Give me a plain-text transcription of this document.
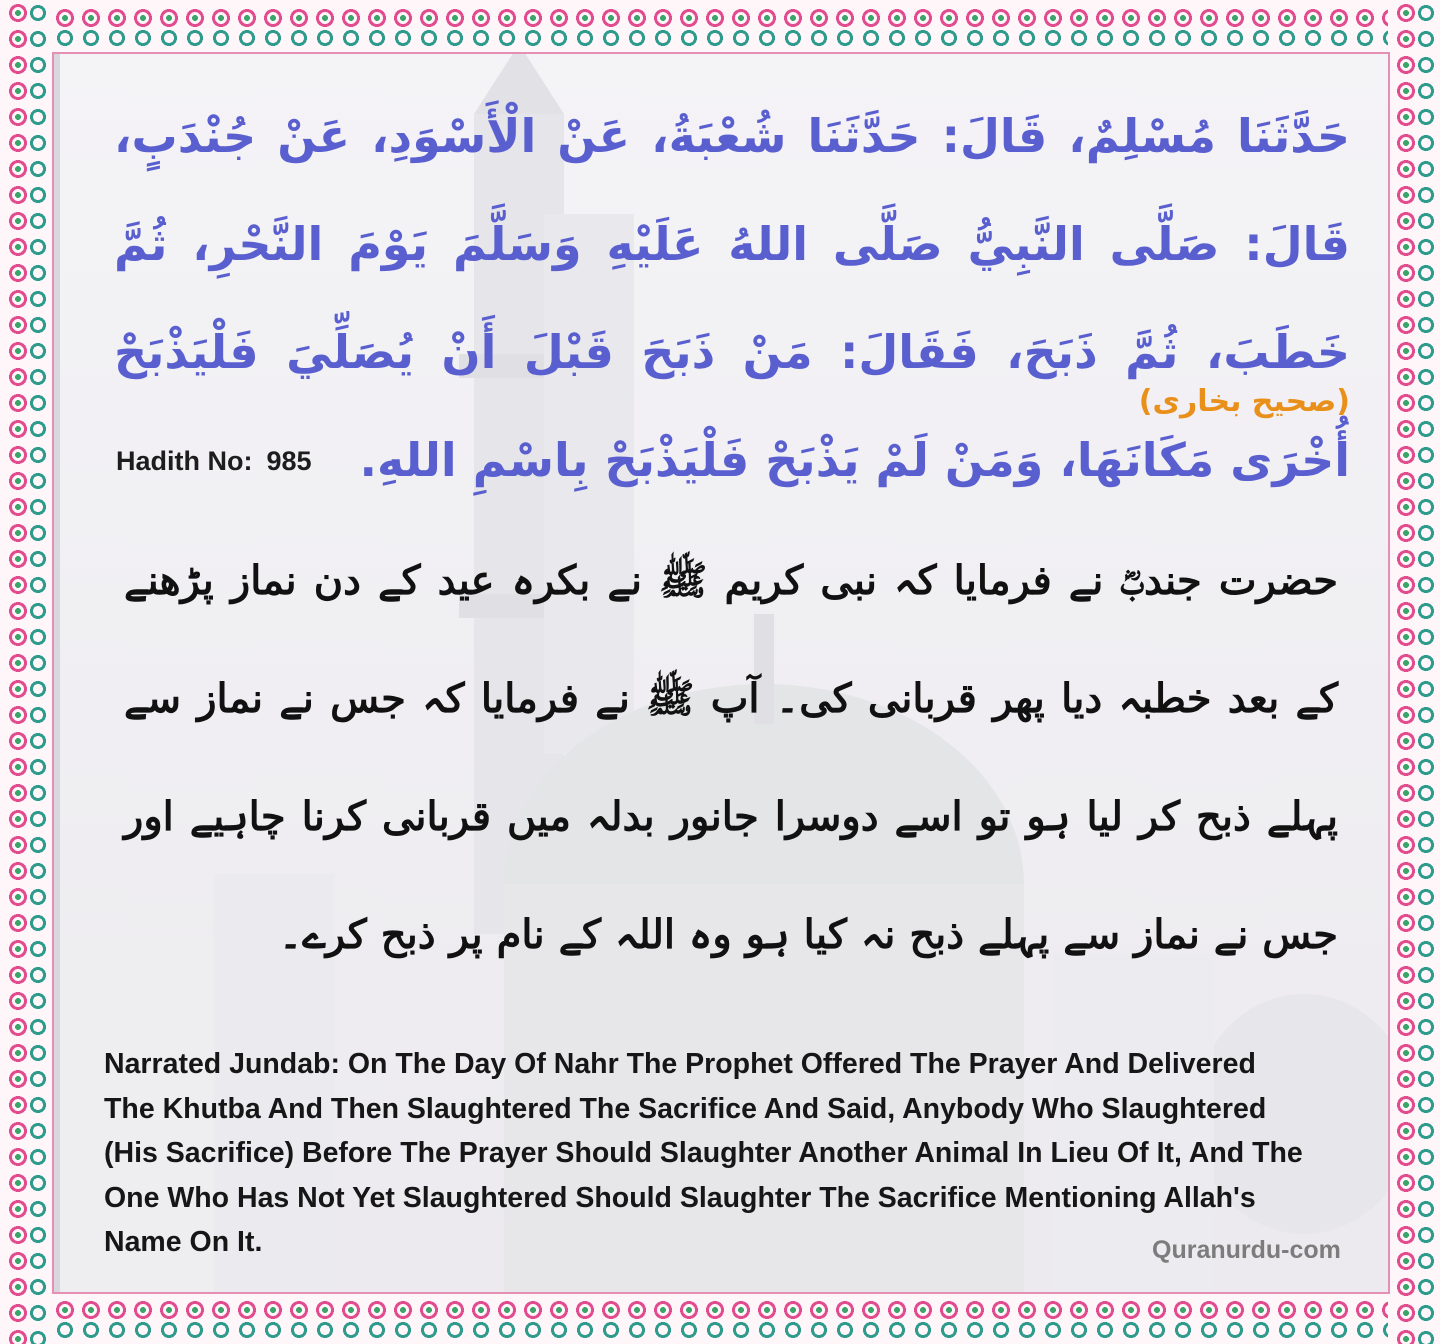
حَدَّثَنَا مُسْلِمٌ، قَالَ: حَدَّثَنَا شُعْبَةُ، عَنْ الْأَسْوَدِ، عَنْ جُنْدَبٍ، قَالَ: صَلَّى النَّبِيُّ صَلَّى اللهُ عَلَيْهِ وَسَلَّمَ يَوْمَ النَّحْرِ، ثُمَّ خَطَبَ، ثُمَّ ذَبَحَ، فَقَالَ: مَنْ ذَبَحَ قَبْلَ أَنْ يُصَلِّيَ فَلْيَذْبَحْ أُخْرَى مَكَانَهَا، وَمَنْ لَمْ يَذْبَحْ فَلْيَذْبَحْ بِاسْمِ اللهِ.
(صحیح بخاری)
Hadith No: 985
حضرت جندبؓ نے فرمایا کہ نبی کریم ﷺ نے بکرہ عید کے دن نماز پڑھنے کے بعد خطبہ دیا پھر قربانی کی۔ آپ ﷺ نے فرمایا کہ جس نے نماز سے پہلے ذبح کر لیا ہو تو اسے دوسرا جانور بدلہ میں قربانی کرنا چاہیے اور جس نے نماز سے پہلے ذبح نہ کیا ہو وہ اللہ کے نام پر ذبح کرے۔
Narrated Jundab: On The Day Of Nahr The Prophet Offered The Prayer And Delivered The Khutba And Then Slaughtered The Sacrifice And Said, Anybody Who Slaughtered (His Sacrifice) Before The Prayer Should Slaughter Another Animal In Lieu Of It, And The One Who Has Not Yet Slaughtered Should Slaughter The Sacrifice Mentioning Allah's Name On It.	Quranurdu-com
